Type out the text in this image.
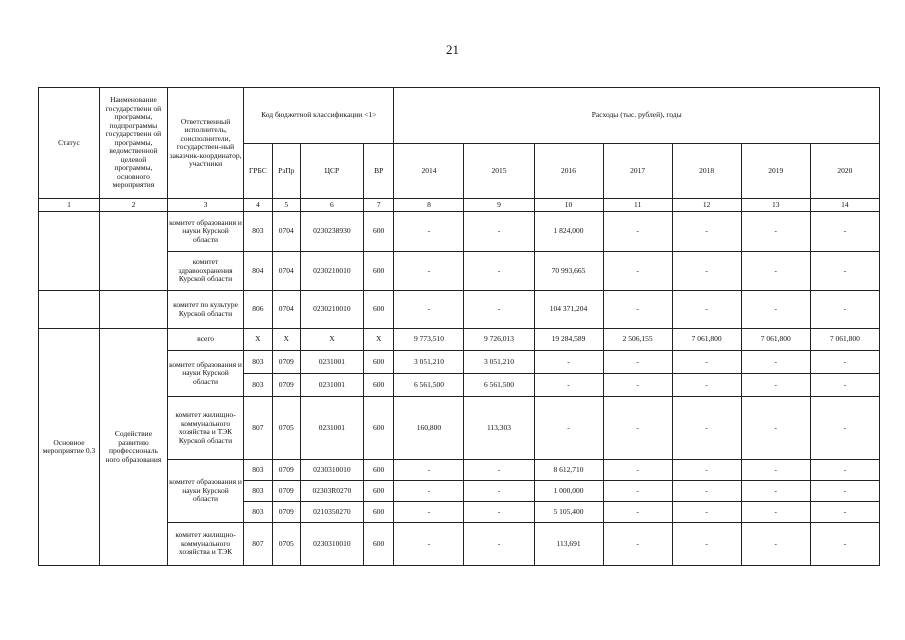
21
Статус	Наименование государственн ой программы, подпрограммы государственн ой программы, ведомственной целевой программы, основного мероприятия	Ответственный исполнитель, соисполнители, государствен-ный заказчик-координатор, участники	Код бюджетной классификации <1>				Расходы (тыс. рублей), годы						
			ГРБС	РзПр	ЦСР	ВР	2014	2015	2016	2017	2018	2019	2020
1	2	3	4	5	6	7	8	9	10	11	12	13	14
		комитет образования и науки Курской области	803	0704	0230238930	600	-	-	1 824,000	-	-	-	-
		комитет здравоохранения Курской области	804	0704	0230210010	600	-	-	70 993,665	-	-	-	-
		комитет по культуре Курской области	806	0704	0230210010	600	-	-	104 371,204	-	-	-	-
Основное мероприятие 0.3	Содействие развитию профессиональ ного образования	всего	X	X	X	X	9 773,510	9 726,013	19 284,589	2 506,155	7 061,800	7 061,800	7 061,800
		комитет образования и науки Курской области	803	0709	0231001	600	3 051,210	3 051,210	-	-	-	-	-
			803	0709	0231001	600	6 561,500	6 561,500	-	-	-	-	-
		комитет жилищно-коммунального хозяйства и ТЭК Курской области	807	0705	0231001	600	160,800	113,303	-	-	-	-	-
		комитет образования и науки Курской области	803	0709	0230310010	600	-	-	8 612,710	-	-	-	-
			803	0709	02303R0270	600	-	-	1 000,000	-	-	-	-
			803	0709	0210350270	600	-	-	5 105,400	-	-	-	-
		комитет жилищно-коммунального хозяйства и ТЭК	807	0705	0230310010	600	-	-	113,691	-	-	-	-
